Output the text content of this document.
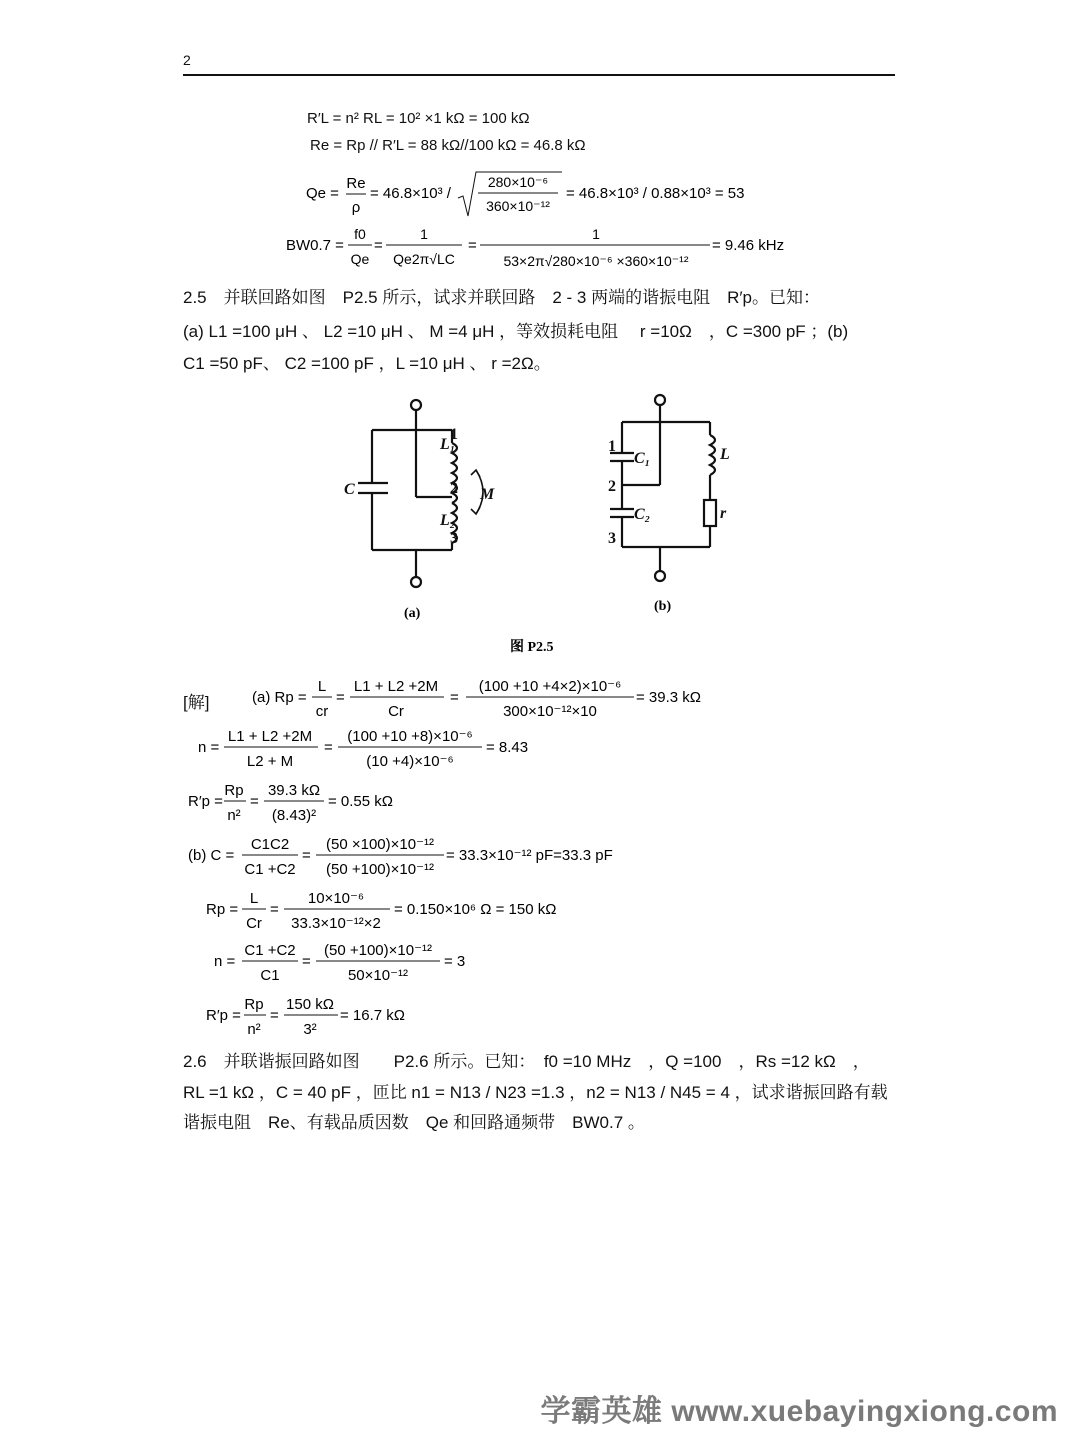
2
R′L = n² RL = 10² ×1 kΩ = 100 kΩ
Re = Rp // R′L = 88 kΩ//100 kΩ = 46.8 kΩ
Qe =
Re
ρ
= 46.8×10³ /
280×10⁻⁶
360×10⁻¹²
= 46.8×10³ / 0.88×10³ = 53
BW0.7 =
f0
Qe
=
1
Qe2π√LC
=
1
53×2π√280×10⁻⁶ ×360×10⁻¹²
= 9.46 kHz
2.5　并联回路如图　P2.5 所示，试求并联回路　2 - 3 两端的谐振电阻　R′p。已知：
(a) L1 =100 μH 、 L2 =10 μH 、 M =4 μH ，等效损耗电阻　 r =10Ω　，C =300 pF ；(b)
C1 =50 pF、 C2 =100 pF ，L =10 μH 、 r =2Ω。
C
L₁
L₂
M
1
2
3
(a)
C₁
C₂
L
r
1
2
3
(b)
图 P2.5
[解]	(a) Rp =
L
cr
=
L1 + L2 +2M
Cr
=
(100 +10 +4×2)×10⁻⁶
300×10⁻¹²×10
= 39.3 kΩ
n =
L1 + L2 +2M
L2 + M
=
(100 +10 +8)×10⁻⁶
(10 +4)×10⁻⁶
= 8.43
R′p =
Rp
n²
=
39.3 kΩ
(8.43)²
= 0.55 kΩ
(b) C =
C1C2
C1 +C2
=
(50 ×100)×10⁻¹²
(50 +100)×10⁻¹²
= 33.3×10⁻¹² pF=33.3 pF
Rp =
L
Cr
=
10×10⁻⁶
33.3×10⁻¹²×2
= 0.150×10⁶ Ω = 150 kΩ
n =
C1 +C2
C1
=
(50 +100)×10⁻¹²
50×10⁻¹²
= 3
R′p =
Rp
n²
=
150 kΩ
3²
= 16.7 kΩ
2.6　并联谐振回路如图　　P2.6 所示。已知：　f0 =10 MHz　，Q =100　，Rs =12 kΩ　，
RL =1 kΩ ，C = 40 pF ，匝比 n1 = N13 / N23 =1.3 ，n2 = N13 / N45 = 4 ，试求谐振回路有载
谐振电阻　Re、有载品质因数　Qe 和回路通频带　BW0.7 。
学霸英雄 www.xuebayingxiong.com
